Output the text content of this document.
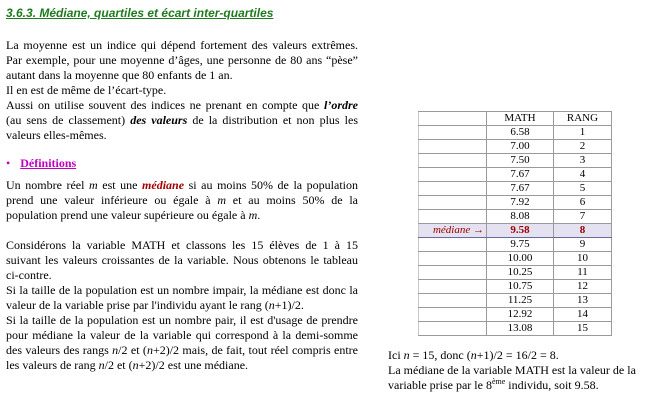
3.6.3. Médiane, quartiles et écart inter-quartiles
La moyenne est un indice qui dépend fortement des valeurs extrêmes. Par exemple, pour une moyenne d’âges, une personne de 80 ans “pèse” autant dans la moyenne que 80 enfants de 1 an.
Il en est de même de l’écart-type.
Aussi on utilise souvent des indices ne prenant en compte que l’ordre (au sens de classement) des valeurs de la distribution et non plus les valeurs elles-mêmes.
• Définitions
Un nombre réel m est une médiane si au moins 50% de la population prend une valeur inférieure ou égale à m et au moins 50% de la population prend une valeur supérieure ou égale à m.
Considérons la variable MATH et classons les 15 élèves de 1 à 15 suivant les valeurs croissantes de la variable. Nous obtenons le tableau ci-contre.
Si la taille de la population est un nombre impair, la médiane est donc la valeur de la variable prise par l'individu ayant le rang (n+1)/2.
Si la taille de la population est un nombre pair, il est d'usage de prendre pour médiane la valeur de la variable qui correspond à la demi-somme des valeurs des rangs n/2 et (n+2)/2 mais, de fait, tout réel compris entre les valeurs de rang n/2 et (n+2)/2 est une médiane.
	MATH	RANG
	6.58	1
	7.00	2
	7.50	3
	7.67	4
	7.67	5
	7.92	6
	8.08	7
médiane →	9.58	8
	9.75	9
	10.00	10
	10.25	11
	10.75	12
	11.25	13
	12.92	14
	13.08	15
Ici n = 15, donc (n+1)/2 = 16/2 = 8.
La médiane de la variable MATH est la valeur de la variable prise par le 8ème individu, soit 9.58.
